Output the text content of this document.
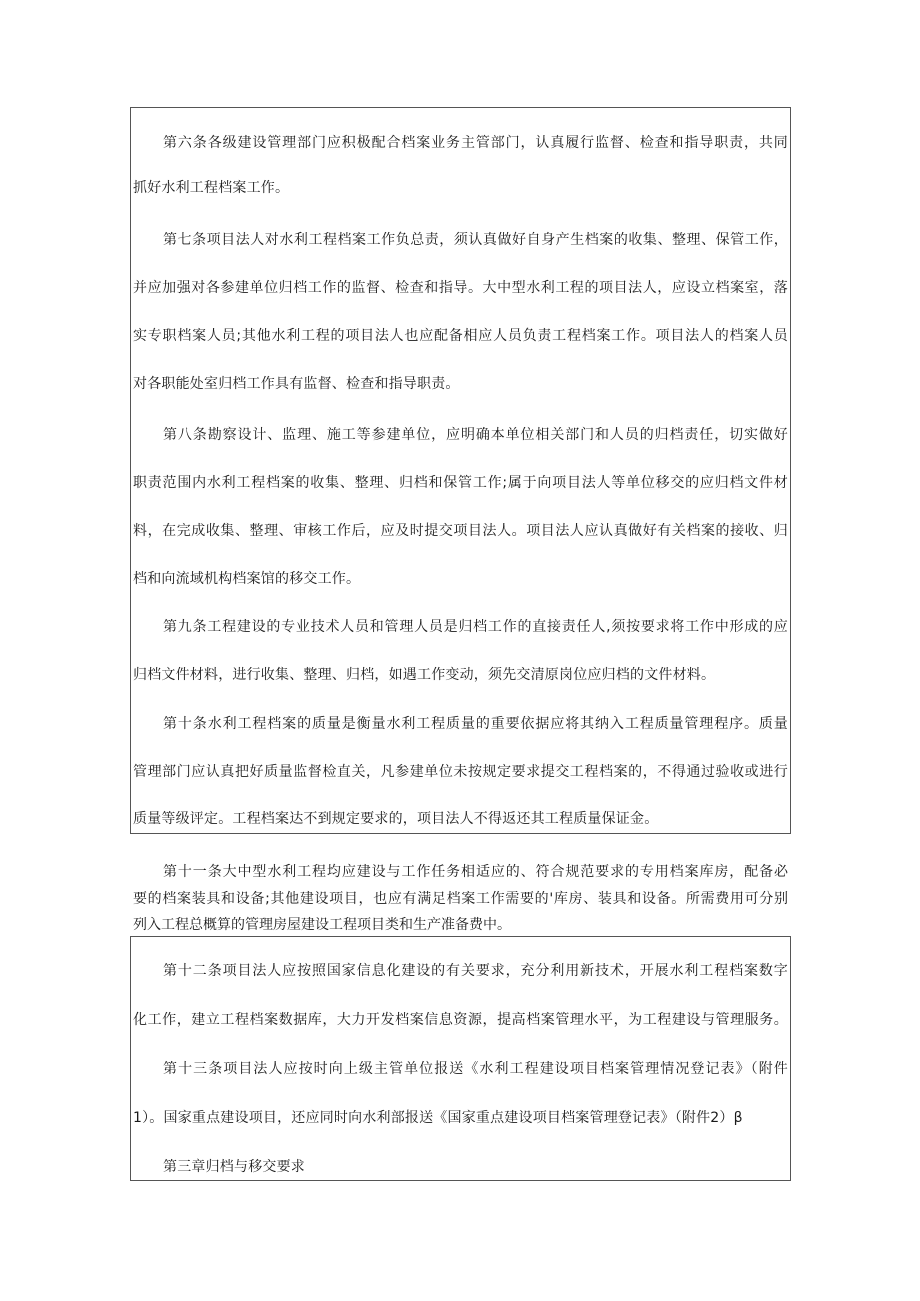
第六条各级建设管理部门应积极配合档案业务主管部门，认真履行监督、检查和指导职责，共同
抓好水利工程档案工作。
第七条项目法人对水利工程档案工作负总责，须认真做好自身产生档案的收集、整理、保管工作，
并应加强对各参建单位归档工作的监督、检查和指导。大中型水利工程的项目法人，应设立档案室，落
实专职档案人员;其他水利工程的项目法人也应配备相应人员负责工程档案工作。项目法人的档案人员
对各职能处室归档工作具有监督、检查和指导职责。
第八条勘察设计、监理、施工等参建单位，应明确本单位相关部门和人员的归档责任，切实做好
职责范围内水利工程档案的收集、整理、归档和保管工作;属于向项目法人等单位移交的应归档文件材
料，在完成收集、整理、审核工作后，应及时提交项目法人。项目法人应认真做好有关档案的接收、归
档和向流域机构档案馆的移交工作。
第九条工程建设的专业技术人员和管理人员是归档工作的直接责任人,须按要求将工作中形成的应
归档文件材料，进行收集、整理、归档，如遇工作变动，须先交清原岗位应归档的文件材料。
第十条水利工程档案的质量是衡量水利工程质量的重要依据应将其纳入工程质量管理程序。质量
管理部门应认真把好质量监督检直关，凡参建单位未按规定要求提交工程档案的，不得通过验收或进行
质量等级评定。工程档案达不到规定要求的，项目法人不得返还其工程质量保证金。
第十一条大中型水利工程均应建设与工作任务相适应的、符合规范要求的专用档案库房，配备必
要的档案装具和设备;其他建设项目，也应有满足档案工作需要的'库房、装具和设备。所需费用可分别
列入工程总概算的管理房屋建设工程项目类和生产准备费中。
第十二条项目法人应按照国家信息化建设的有关要求，充分利用新技术，开展水利工程档案数字
化工作，建立工程档案数据库，大力开发档案信息资源，提高档案管理水平，为工程建设与管理服务。
第十三条项目法人应按时向上级主管单位报送《水利工程建设项目档案管理情况登记表》（附件
1）。国家重点建设项目，还应同时向水利部报送《国家重点建设项目档案管理登记表》（附件2）β
第三章归档与移交要求
